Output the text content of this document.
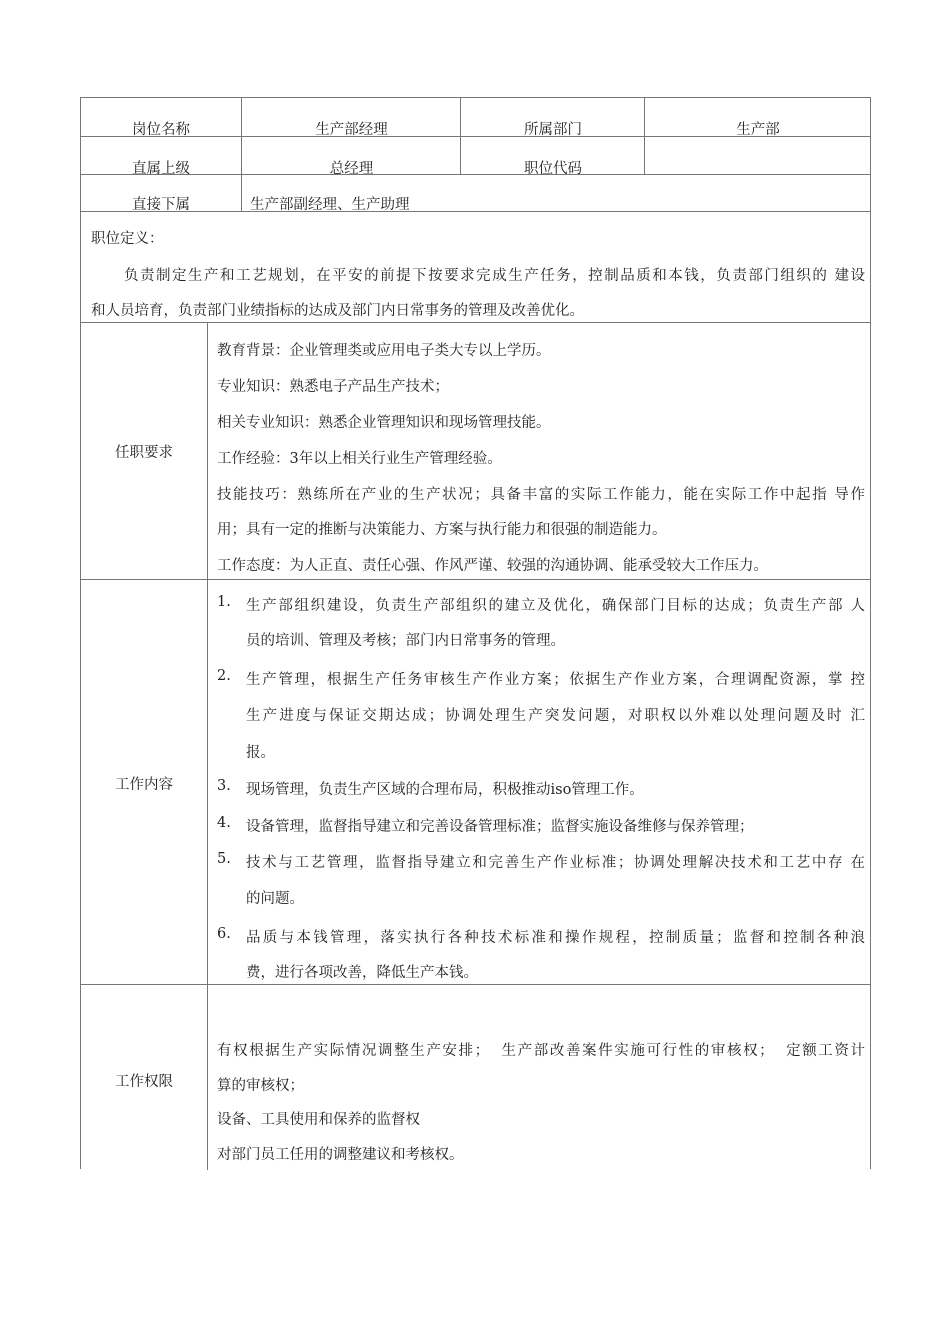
岗位名称	生产部经理	所属部门	生产部
直属上级	总经理	职位代码
直接下属	生产部副经理、生产助理
职位定义：
负责制定生产和工艺规划，在平安的前提下按要求完成生产任务，控制品质和本钱，负责部门组织的 建设
和人员培育，负责部门业绩指标的达成及部门内日常事务的管理及改善优化。
任职要求
教育背景：企业管理类或应用电子类大专以上学历。
专业知识：熟悉电子产品生产技术；
相关专业知识：熟悉企业管理知识和现场管理技能。
工作经验：3年以上相关行业生产管理经验。
技能技巧：熟练所在产业的生产状况；具备丰富的实际工作能力，能在实际工作中起指 导作
用；具有一定的推断与决策能力、方案与执行能力和很强的制造能力。
工作态度：为人正直、责任心强、作风严谨、较强的沟通协调、能承受较大工作压力。
工作内容
1. 生产部组织建设，负责生产部组织的建立及优化，确保部门目标的达成；负责生产部 人
员的培训、管理及考核；部门内日常事务的管理。
2. 生产管理，根据生产任务审核生产作业方案；依据生产作业方案，合理调配资源，掌 控
生产进度与保证交期达成；协调处理生产突发问题，对职权以外难以处理问题及时 汇
报。
3. 现场管理，负责生产区域的合理布局，积极推动iso管理工作。
4. 设备管理，监督指导建立和完善设备管理标准；监督实施设备维修与保养管理；
5. 技术与工艺管理，监督指导建立和完善生产作业标准；协调处理解决技术和工艺中存 在
的问题。
6. 品质与本钱管理，落实执行各种技术标准和操作规程，控制质量；监督和控制各种浪
费，进行各项改善，降低生产本钱。
工作权限
有权根据生产实际情况调整生产安排；  生产部改善案件实施可行性的审核权；  定额工资计
算的审核权；
设备、工具使用和保养的监督权
对部门员工任用的调整建议和考核权。
